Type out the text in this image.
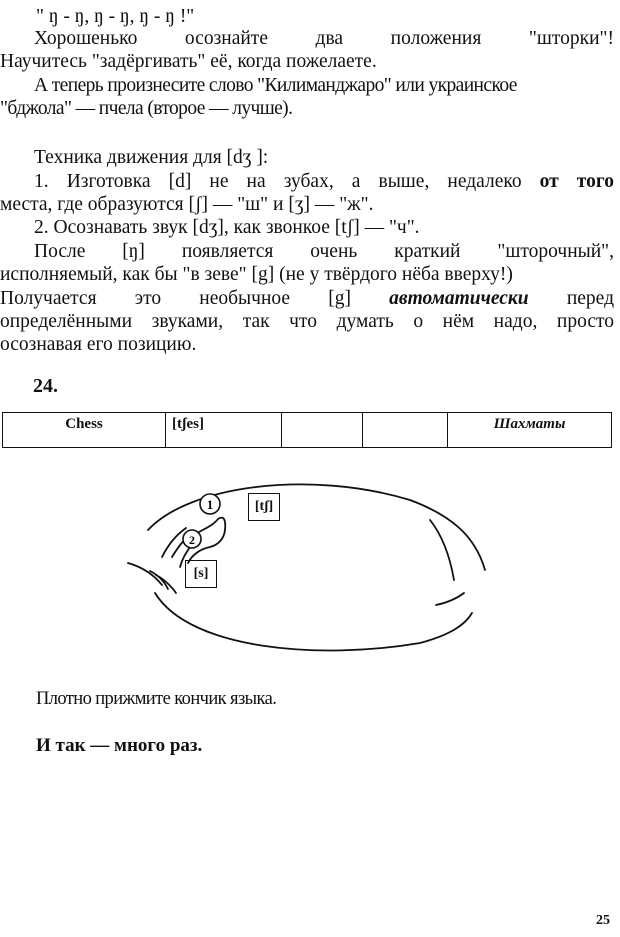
" ŋ - ŋ, ŋ - ŋ, ŋ - ŋ !"
Хорошенько осознайте два положения "шторки"!
Научитесь "задёргивать" её, когда пожелаете.
А теперь произнесите слово "Килиманджаро" или украинское
"бджола" — пчела (второе — лучше).
Техника движения для [dʒ ]:
1. Изготовка [d] не на зубах, а выше, недалеко от того
места, где образуются [ʃ] — "ш" и [ʒ] — "ж".
2. Осознавать звук [dʒ], как звонкое [tʃ] — "ч".
После [ŋ] появляется очень краткий "шторочный",
исполняемый, как бы "в зеве" [g] (не у твёрдого нёба вверху!)
Получается это необычное [g] автоматически перед
определёнными звуками, так что думать о нём надо, просто
осознавая его позицию.
24.
Chess	[tʃes]			Шахматы
1
2
[tʃ]
[s]
Плотно прижмите кончик языка.
И так — много раз.
25
